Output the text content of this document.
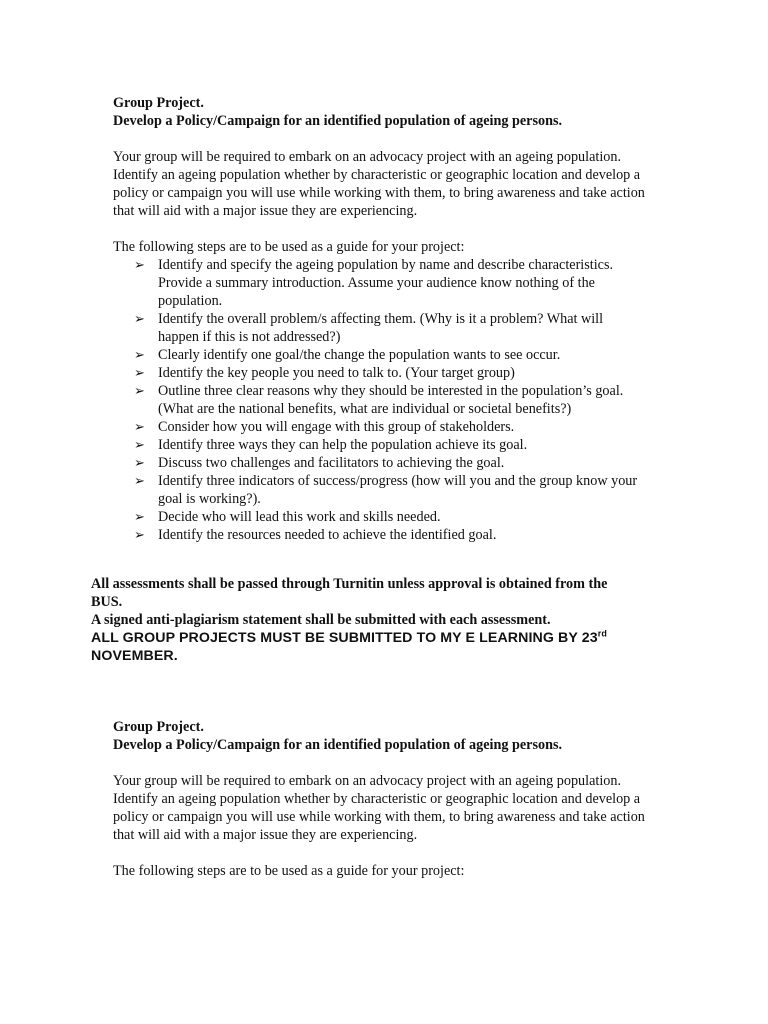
Group Project.

Develop a Policy/Campaign for an identified population of ageing persons.

Your group will be required to embark on an advocacy project with an ageing population.

Identify an ageing population whether by characteristic or geographic location and develop a

policy or campaign you will use while working with them, to bring awareness and take action

that will aid with a major issue they are experiencing.

The following steps are to be used as a guide for your project:

➢ Identify and specify the ageing population by name and describe characteristics.

Provide a summary introduction. Assume your audience know nothing of the

population.

➢ Identify the overall problem/s affecting them. (Why is it a problem? What will

happen if this is not addressed?)

➢ Clearly identify one goal/the change the population wants to see occur.

➢ Identify the key people you need to talk to. (Your target group)

➢ Outline three clear reasons why they should be interested in the population’s goal.

(What are the national benefits, what are individual or societal benefits?)

➢ Consider how you will engage with this group of stakeholders.

➢ Identify three ways they can help the population achieve its goal.

➢ Discuss two challenges and facilitators to achieving the goal.

➢ Identify three indicators of success/progress (how will you and the group know your

goal is working?).

➢ Decide who will lead this work and skills needed.

➢ Identify the resources needed to achieve the identified goal.

All assessments shall be passed through Turnitin unless approval is obtained from the

BUS.

A signed anti-plagiarism statement shall be submitted with each assessment.

ALL GROUP PROJECTS MUST BE SUBMITTED TO MY E LEARNING BY 23rd

NOVEMBER.

Group Project.

Develop a Policy/Campaign for an identified population of ageing persons.

Your group will be required to embark on an advocacy project with an ageing population.

Identify an ageing population whether by characteristic or geographic location and develop a

policy or campaign you will use while working with them, to bring awareness and take action

that will aid with a major issue they are experiencing.

The following steps are to be used as a guide for your project:
